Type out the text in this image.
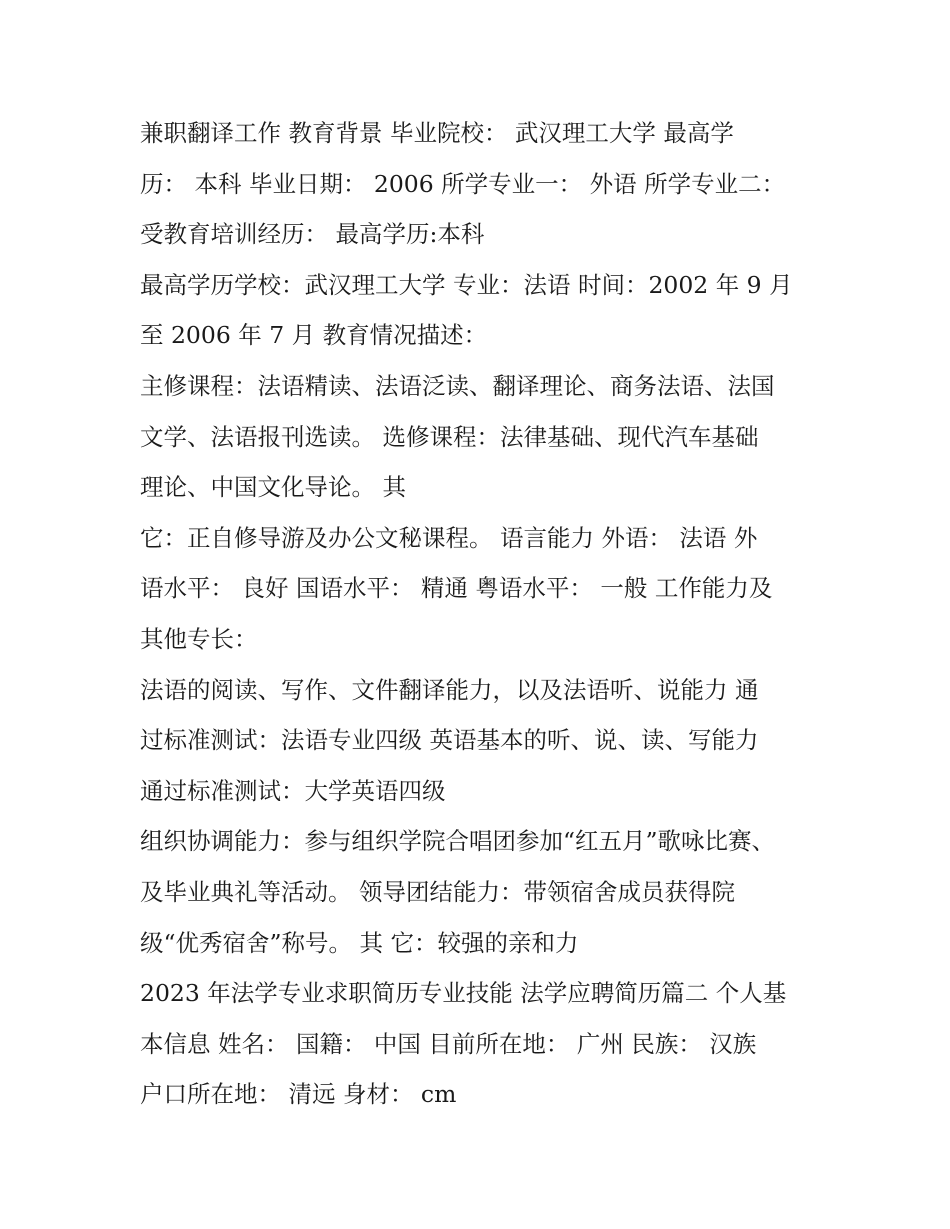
兼职翻译工作 教育背景 毕业院校： 武汉理工大学 最高学
历： 本科 毕业日期： 2006 所学专业一： 外语 所学专业二：
受教育培训经历： 最高学历:本科
最高学历学校：武汉理工大学 专业：法语 时间：2002 年 9 月
至 2006 年 7 月 教育情况描述：
主修课程：法语精读、法语泛读、翻译理论、商务法语、法国
文学、法语报刊选读。 选修课程：法律基础、现代汽车基础
理论、中国文化导论。 其
它：正自修导游及办公文秘课程。 语言能力 外语： 法语 外
语水平： 良好 国语水平： 精通 粤语水平： 一般 工作能力及
其他专长：
法语的阅读、写作、文件翻译能力，以及法语听、说能力 通
过标准测试：法语专业四级 英语基本的听、说、读、写能力
通过标准测试：大学英语四级
组织协调能力：参与组织学院合唱团参加“红五月”歌咏比赛、
及毕业典礼等活动。 领导团结能力：带领宿舍成员获得院
级“优秀宿舍”称号。 其 它：较强的亲和力
2023 年法学专业求职简历专业技能 法学应聘简历篇二 个人基
本信息 姓名： 国籍： 中国 目前所在地： 广州 民族： 汉族
户口所在地： 清远 身材： cm
